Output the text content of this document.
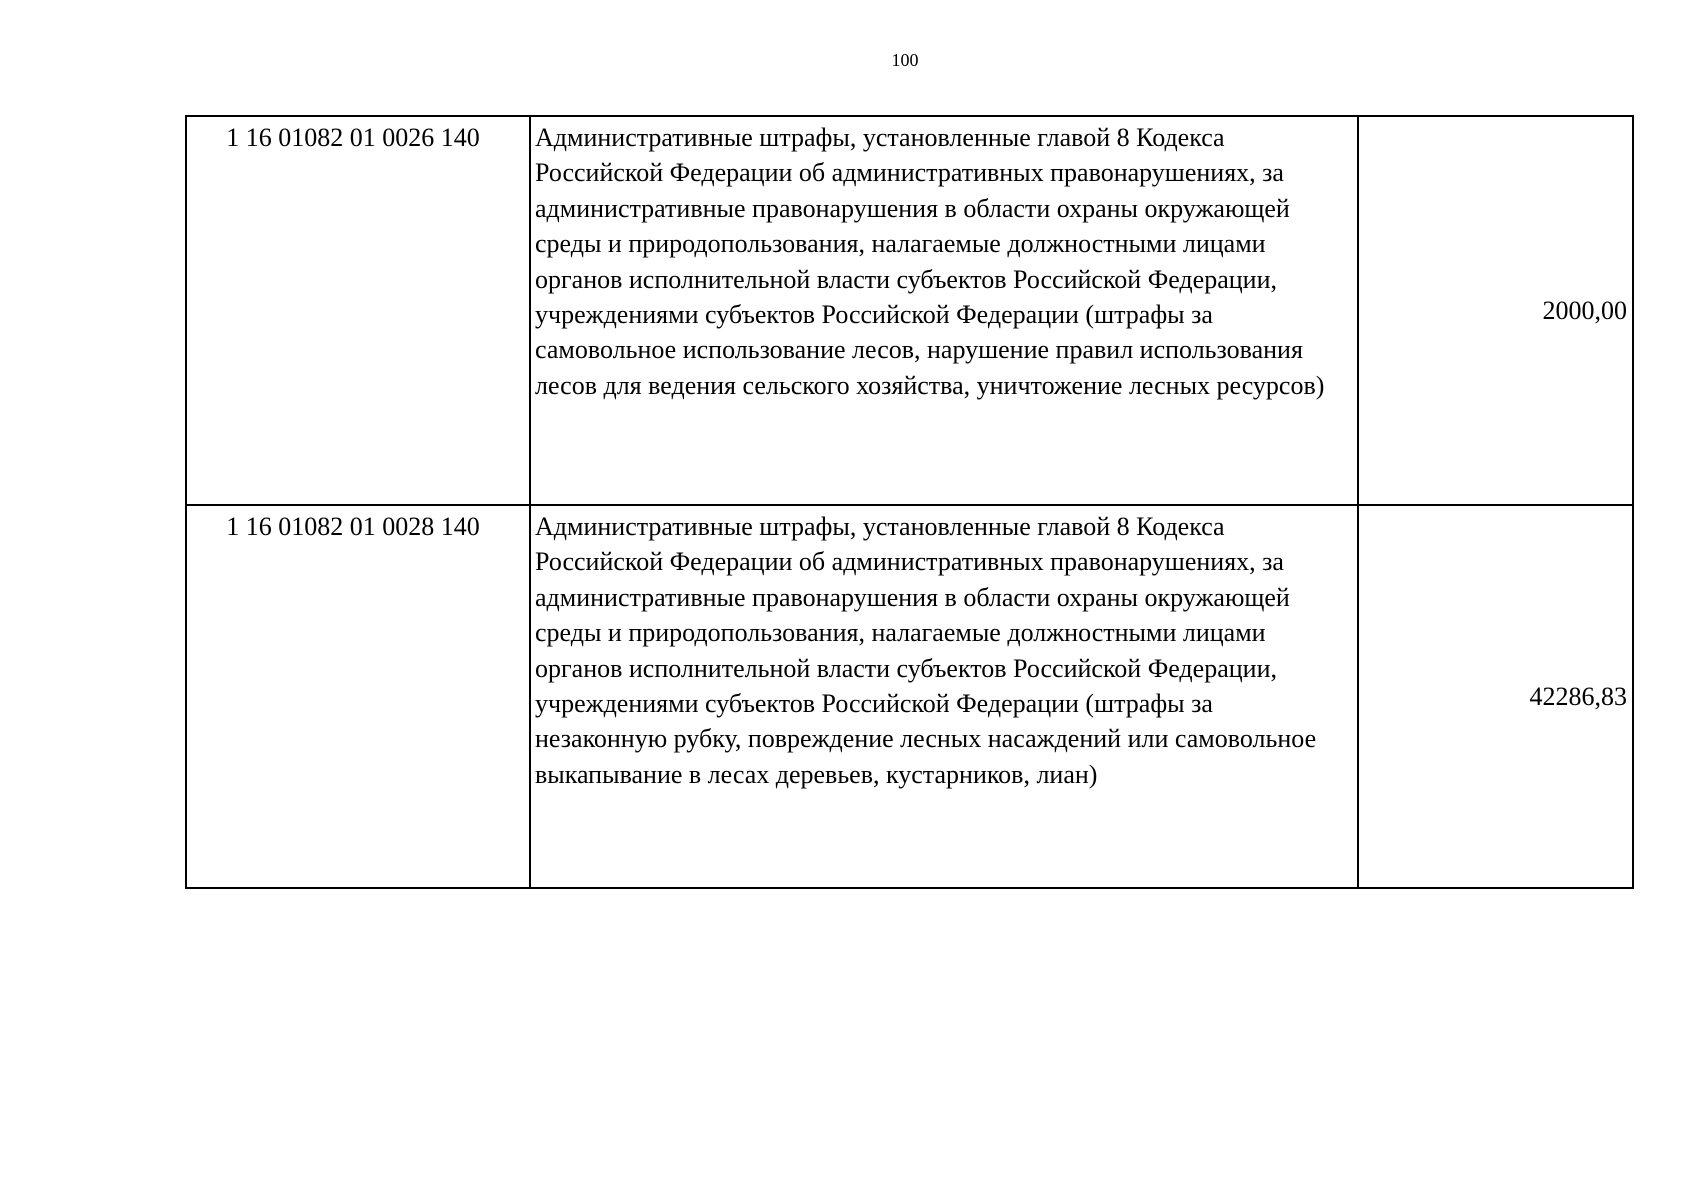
100
1 16 01082 01 0026 140	Административные штрафы, установленные главой 8 Кодекса Российской Федерации об административных правонарушениях, за административные правонарушения в области охраны окружающей среды и природопользования, налагаемые должностными лицами органов исполнительной власти субъектов Российской Федерации, учреждениями субъектов Российской Федерации (штрафы за самовольное использование лесов, нарушение правил использования лесов для ведения сельского хозяйства, уничтожение лесных ресурсов)	2000,00
1 16 01082 01 0028 140	Административные штрафы, установленные главой 8 Кодекса Российской Федерации об административных правонарушениях, за административные правонарушения в области охраны окружающей среды и природопользования, налагаемые должностными лицами органов исполнительной власти субъектов Российской Федерации, учреждениями субъектов Российской Федерации (штрафы за незаконную рубку, повреждение лесных насаждений или самовольное выкапывание в лесах деревьев, кустарников, лиан)	42286,83
